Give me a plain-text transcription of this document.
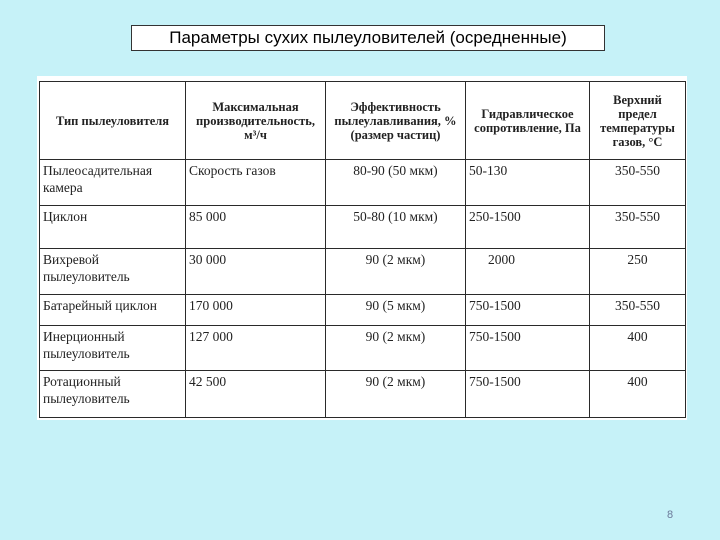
Параметры сухих пылеуловителей (осредненные)
Тип пылеуловителя	Максимальная производительность, м³/ч	Эффективность пылеулавливания, % (размер частиц)	Гидравлическое сопротивление, Па	Верхний предел температуры газов, °С
Пылеосадительная камера	Скорость газов	80-90 (50 мкм)	50-130	350-550
Циклон	85 000	50-80 (10 мкм)	250-1500	350-550
Вихревой пылеуловитель	30 000	90 (2 мкм)	2000	250
Батарейный циклон	170 000	90 (5 мкм)	750-1500	350-550
Инерционный пылеуловитель	127 000	90 (2 мкм)	750-1500	400
Ротационный пылеуловитель	42 500	90 (2 мкм)	750-1500	400
8
